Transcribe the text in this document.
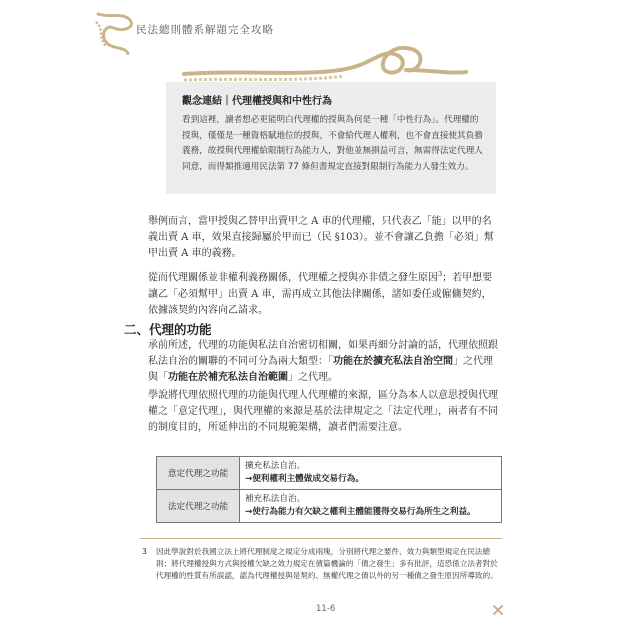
民法總則體系解題完全攻略

觀念連結｜代理權授與和中性行為

看到這裡，讀者想必更能明白代理權的授與為何是一種「中性行為」。代理權的授與，僅僅是一種資格賦地位的授與，不會給代理人權利，也不會直接使其負擔義務，故授與代理權給限制行為能力人，對他並無損益可言，無需得法定代理人同意，而得類推適用民法第 77 條但書規定直接對限制行為能力人發生效力。

舉例而言，當甲授與乙替甲出賣甲之 A 車的代理權，只代表乙「能」以甲的名義出賣 A 車，效果直接歸屬於甲而已（民 §103）。並不會讓乙負擔「必須」幫甲出賣 A 車的義務。

從而代理關係並非權利義務關係，代理權之授與亦非債之發生原因$^3$；若甲想要讓乙「必須幫甲」出賣 A 車，需再成立其他法律關係，諸如委任或僱傭契約，依據該契約內容向乙請求。

二、代理的功能

承前所述，代理的功能與私法自治密切相關，如果再細分討論的話，代理依照跟私法自治的關聯的不同可分為兩大類型：「功能在於擴充私法自治空間」之代理與「功能在於補充私法自治範圍」之代理。

學說將代理依照代理的功能與代理人代理權的來源，區分為本人以意思授與代理權之「意定代理」，與代理權的來源是基於法律規定之「法定代理」，兩者有不同的制度目的，所延伸出的不同規範架構，讀者們需要注意。

意定代理之功能	擴充私法自治。
→便利權利主體做成交易行為。

法定代理之功能	補充私法自治。
→使行為能力有欠缺之權利主體能獲得交易行為所生之利益。

3	因此學說對於我國立法上將代理制度之規定分成兩塊，分別將代理之要件、效力與類型規定在民法總則；將代理權授與方式與授權欠缺之效力規定在債篇機論的「債之發生」多有批評，這恐係立法者對於代理權的性質有所誤認，認為代理權授與是契約、無權代理之債以外的另一種債之發生原因所導致的。

11-6
